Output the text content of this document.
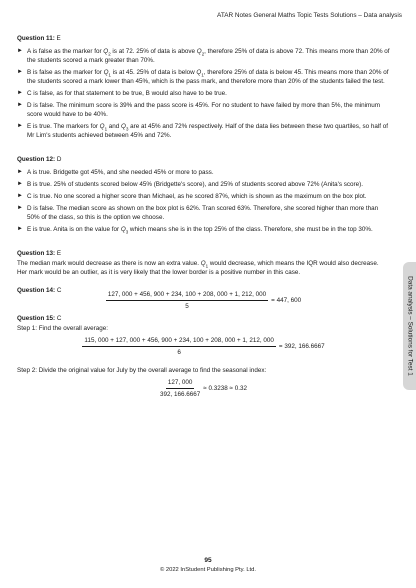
ATAR Notes General Maths Topic Tests Solutions – Data analysis
Question 11: E
► A is false as the marker for $Q_2$ is at 72. 25% of data is above $Q_2$, therefore 25% of data is above 72. This means more than 20% of the students scored a mark greater than 70%.
► B is false as the marker for $Q_1$ is at 45. 25% of data is below $Q_1$, therefore 25% of data is below 45. This means more than 20% of the students scored a mark lower than 45%, which is the pass mark, and therefore more than 20% of the students failed the test.
► C is false, as for that statement to be true, B would also have to be true.
► D is false. The minimum score is 39% and the pass score is 45%. For no student to have failed by more than 5%, the minimum score would have to be 40%.
► E is true. The markers for $Q_1$ and $Q_3$ are at 45% and 72% respectively. Half of the data lies between these two quartiles, so half of Mr Lim's students achieved between 45% and 72%.
Question 12: D
► A is true. Bridgette got 45%, and she needed 45% or more to pass.
► B is true. 25% of students scored below 45% (Bridgette's score), and 25% of students scored above 72% (Anita's score).
► C is true. No one scored a higher score than Michael, as he scored 87%, which is shown as the maximum on the box plot.
► D is false. The median score as shown on the box plot is 62%. Tran scored 63%. Therefore, she scored higher than more than 50% of the class, so this is the option we choose.
► E is true. Anita is on the value for $Q_3$ which means she is in the top 25% of the class. Therefore, she must be in the top 30%.
Question 13: E

The median mark would decrease as there is now an extra value. $Q_1$ would decrease, which means the IQR would also decrease. Her mark would be an outlier, as it is very likely that the lower border is a positive number in this case.

Question 14: C	$\frac{127, 000 + 456, 900 + 234, 100 + 208, 000 + 1, 212, 000}{5} = 447$, 600
Question 15: C

Step 1: Find the overall average:

115, 000 + 127, 000 + 456, 900 + 234, 100 + 208, 000 + 1, 212, 000
6
= 392, 166.6667

Step 2: Divide the original value for July by the overall average to find the seasonal index:

$\frac{127, 000}{392, 166.6667} \approx 0.3238 \approx 0.32$
Data analysis – Solutions for Test 1
95
© 2022 InStudent Publishing Pty. Ltd.
